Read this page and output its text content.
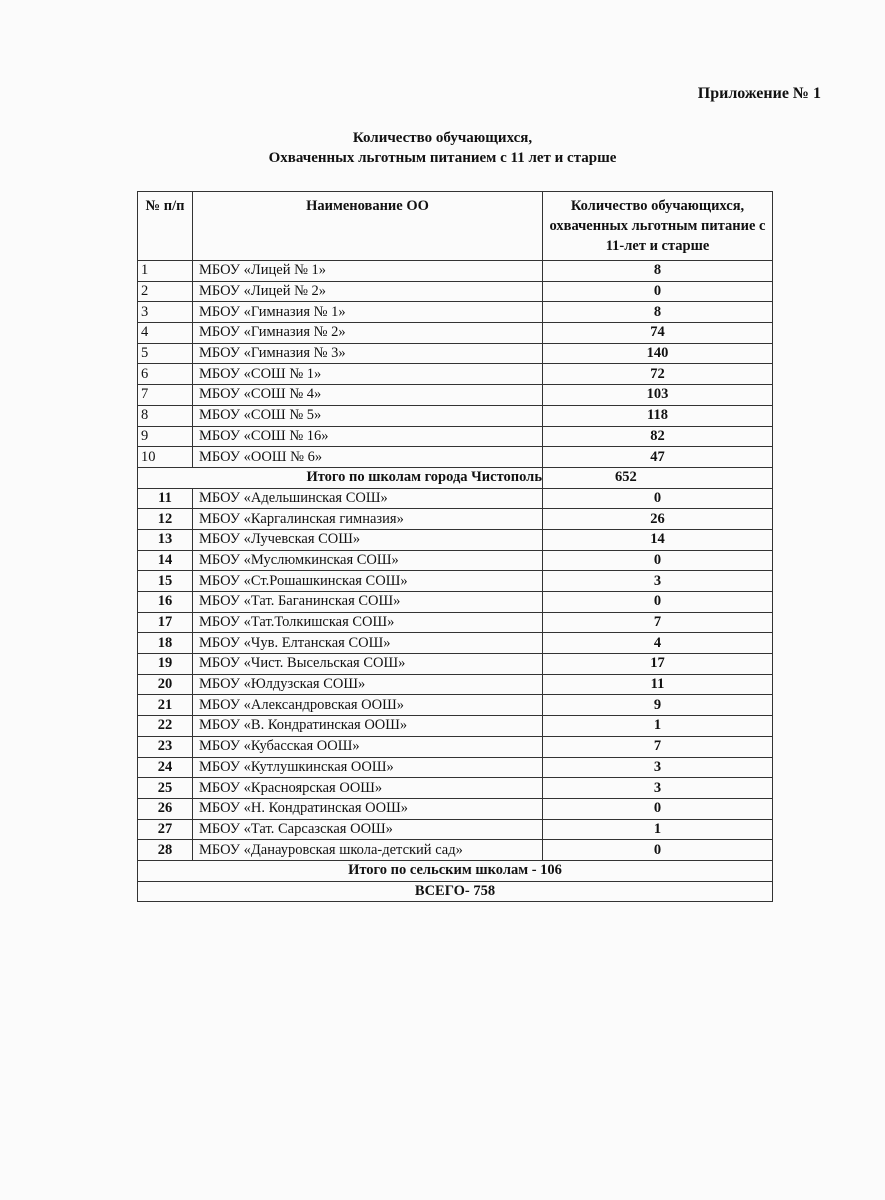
Приложение № 1
Количество обучающихся,
Охваченных льготным питанием с 11 лет и старше
№ п/п	Наименование ОО	Количество обучающихся, охваченных льготным питание с 11-лет и старше
1	МБОУ «Лицей № 1»	8
2	МБОУ «Лицей № 2»	0
3	МБОУ «Гимназия № 1»	8
4	МБОУ «Гимназия № 2»	74
5	МБОУ «Гимназия № 3»	140
6	МБОУ «СОШ № 1»	72
7	МБОУ «СОШ № 4»	103
8	МБОУ «СОШ № 5»	118
9	МБОУ «СОШ № 16»	82
10	МБОУ «ООШ № 6»	47
Итого по школам города Чистополь		652
11	МБОУ «Адельшинская СОШ»	0
12	МБОУ «Каргалинская гимназия»	26
13	МБОУ «Лучевская СОШ»	14
14	МБОУ «Муслюмкинская СОШ»	0
15	МБОУ «Ст.Рошашкинская СОШ»	3
16	МБОУ «Тат. Баганинская СОШ»	0
17	МБОУ «Тат.Толкишская СОШ»	7
18	МБОУ «Чув. Елтанская СОШ»	4
19	МБОУ «Чист. Высельская СОШ»	17
20	МБОУ «Юлдузская СОШ»	11
21	МБОУ «Александровская ООШ»	9
22	МБОУ «В. Кондратинская ООШ»	1
23	МБОУ «Кубасская ООШ»	7
24	МБОУ «Кутлушкинская ООШ»	3
25	МБОУ «Красноярская ООШ»	3
26	МБОУ «Н. Кондратинская ООШ»	0
27	МБОУ «Тат. Сарсазская ООШ»	1
28	МБОУ «Данауровская школа-детский сад»	0
Итого по сельским школам - 106		
ВСЕГО- 758		
